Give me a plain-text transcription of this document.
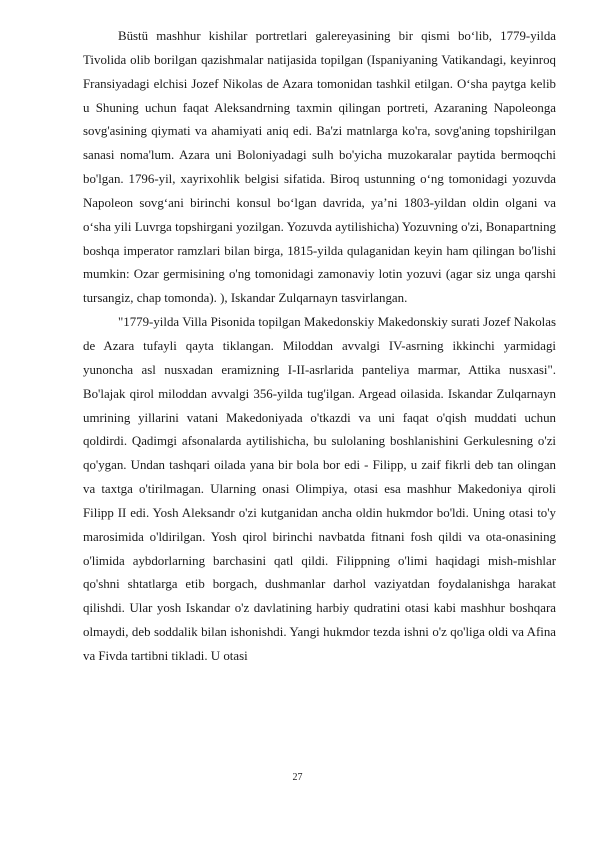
Büstü mashhur kishilar portretlari galereyasining bir qismi bo‘lib, 1779-yilda Tivolida olib borilgan qazishmalar natijasida topilgan (Ispaniyaning Vatikandagi, keyinroq Fransiyadagi elchisi Jozef Nikolas de Azara tomonidan tashkil etilgan. O‘sha paytga kelib u Shuning uchun faqat Aleksandrning taxmin qilingan portreti, Azaraning Napoleonga sovg'asining qiymati va ahamiyati aniq edi. Ba'zi matnlarga ko'ra, sovg'aning topshirilgan sanasi noma'lum. Azara uni Boloniyadagi sulh bo'yicha muzokaralar paytida bermoqchi bo'lgan. 1796-yil, xayrixohlik belgisi sifatida. Biroq ustunning o‘ng tomonidagi yozuvda Napoleon sovg‘ani birinchi konsul bo‘lgan davrida, ya’ni 1803-yildan oldin olgani va o‘sha yili Luvrga topshirgani yozilgan. Yozuvda aytilishicha) Yozuvning o'zi, Bonapartning boshqa imperator ramzlari bilan birga, 1815-yilda qulaganidan keyin ham qilingan bo'lishi mumkin: Ozar germisining o'ng tomonidagi zamonaviy lotin yozuvi (agar siz unga qarshi tursangiz, chap tomonda). ), Iskandar Zulqarnayn tasvirlangan.

"1779-yilda Villa Pisonida topilgan Makedonskiy Makedonskiy surati Jozef Nakolas de Azara tufayli qayta tiklangan. Miloddan avvalgi IV-asrning ikkinchi yarmidagi yunoncha asl nusxadan eramizning I-II-asrlarida panteliya marmar, Attika nusxasi". Bo'lajak qirol miloddan avvalgi 356-yilda tug'ilgan. Argead oilasida. Iskandar Zulqarnayn umrining yillarini vatani Makedoniyada o'tkazdi va uni faqat o'qish muddati uchun qoldirdi. Qadimgi afsonalarda aytilishicha, bu sulolaning boshlanishini Gerkulesning o'zi qo'ygan. Undan tashqari oilada yana bir bola bor edi - Filipp, u zaif fikrli deb tan olingan va taxtga o'tirilmagan. Ularning onasi Olimpiya, otasi esa mashhur Makedoniya qiroli Filipp II edi. Yosh Aleksandr o'zi kutganidan ancha oldin hukmdor bo'ldi. Uning otasi to'y marosimida o'ldirilgan. Yosh qirol birinchi navbatda fitnani fosh qildi va ota-onasining o'limida aybdorlarning barchasini qatl qildi. Filippning o'limi haqidagi mish-mishlar qo'shni shtatlarga etib borgach, dushmanlar darhol vaziyatdan foydalanishga harakat qilishdi. Ular yosh Iskandar o'z davlatining harbiy qudratini otasi kabi mashhur boshqara olmaydi, deb soddalik bilan ishonishdi. Yangi hukmdor tezda ishni o'z qo'liga oldi va Afina va Fivda tartibni tikladi. U otasi

27
